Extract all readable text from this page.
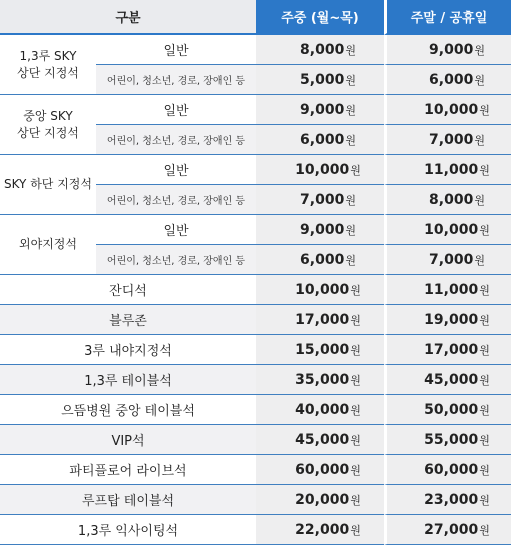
구분		주중 (월~목)	주말 / 공휴일

1,3루 SKY
상단 지정석	일반	8,000원	9,000원
	어린이, 청소년, 경로, 장애인 등	5,000원	6,000원

중앙 SKY
상단 지정석	일반	9,000원	10,000원
	어린이, 청소년, 경로, 장애인 등	6,000원	7,000원

SKY 하단 지정석	일반	10,000원	11,000원
	어린이, 청소년, 경로, 장애인 등	7,000원	8,000원

외야지정석	일반	9,000원	10,000원
	어린이, 청소년, 경로, 장애인 등	6,000원	7,000원
잔디석		10,000원	11,000원
블루존		17,000원	19,000원
3루 내야지정석		15,000원	17,000원
1,3루 테이블석		35,000원	45,000원
으뜸병원 중앙 테이블석		40,000원	50,000원
VIP석		45,000원	55,000원
파티플로어 라이브석		60,000원	60,000원
루프탑 테이블석		20,000원	23,000원
1,3루 익사이팅석		22,000원	27,000원
